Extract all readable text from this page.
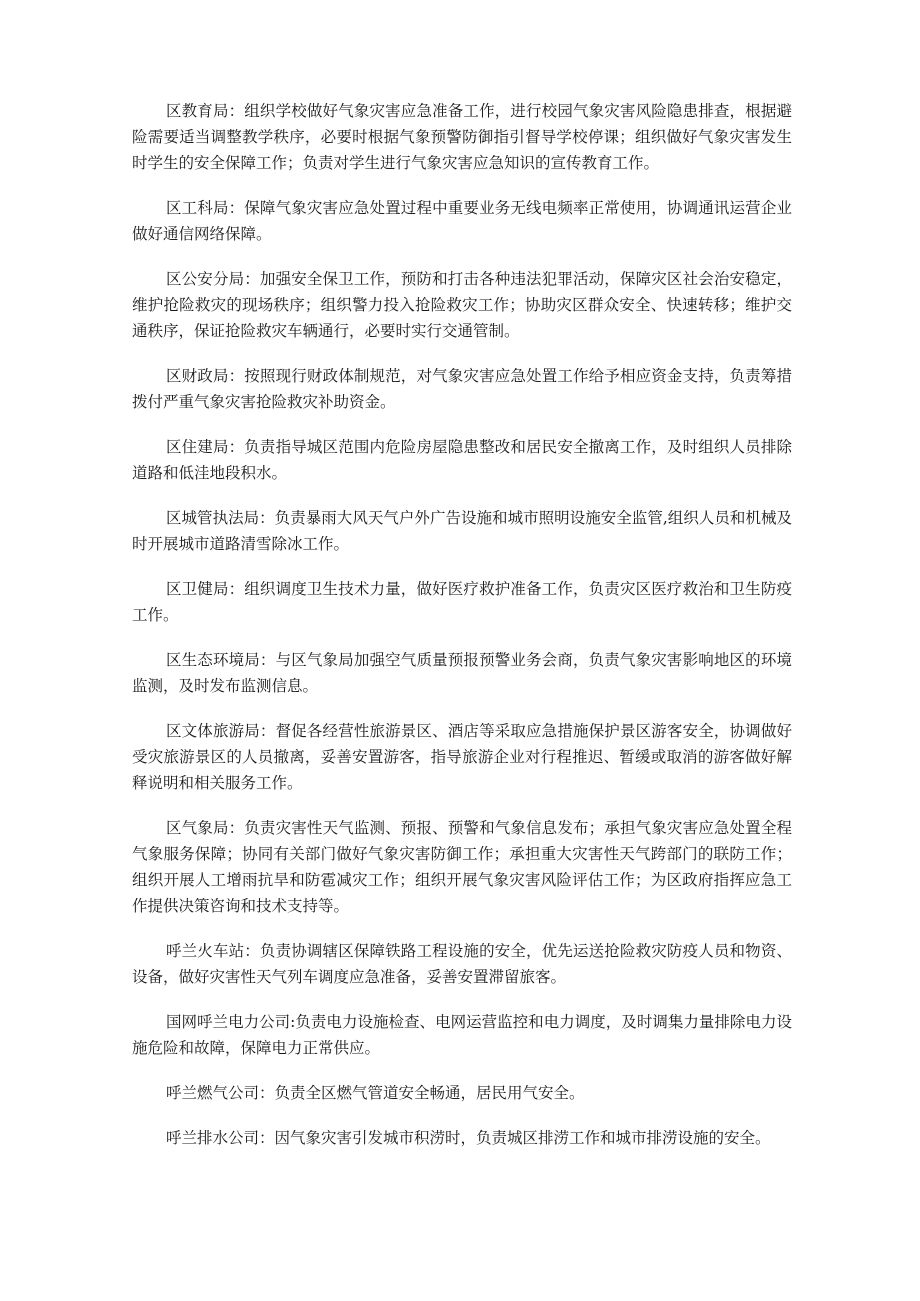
区教育局：组织学校做好气象灾害应急准备工作，进行校园气象灾害风险隐患排查，根据避险需要适当调整教学秩序，必要时根据气象预警防御指引督导学校停课；组织做好气象灾害发生时学生的安全保障工作；负责对学生进行气象灾害应急知识的宣传教育工作。

区工科局：保障气象灾害应急处置过程中重要业务无线电频率正常使用，协调通讯运营企业做好通信网络保障。

区公安分局：加强安全保卫工作，预防和打击各种违法犯罪活动，保障灾区社会治安稳定，维护抢险救灾的现场秩序；组织警力投入抢险救灾工作；协助灾区群众安全、快速转移；维护交通秩序，保证抢险救灾车辆通行，必要时实行交通管制。

区财政局：按照现行财政体制规范，对气象灾害应急处置工作给予相应资金支持，负责筹措拨付严重气象灾害抢险救灾补助资金。

区住建局：负责指导城区范围内危险房屋隐患整改和居民安全撤离工作，及时组织人员排除道路和低洼地段积水。

区城管执法局：负责暴雨大风天气户外广告设施和城市照明设施安全监管,组织人员和机械及时开展城市道路清雪除冰工作。

区卫健局：组织调度卫生技术力量，做好医疗救护准备工作，负责灾区医疗救治和卫生防疫工作。

区生态环境局：与区气象局加强空气质量预报预警业务会商，负责气象灾害影响地区的环境监测，及时发布监测信息。

区文体旅游局：督促各经营性旅游景区、酒店等采取应急措施保护景区游客安全，协调做好受灾旅游景区的人员撤离，妥善安置游客，指导旅游企业对行程推迟、暂缓或取消的游客做好解释说明和相关服务工作。

区气象局：负责灾害性天气监测、预报、预警和气象信息发布；承担气象灾害应急处置全程气象服务保障；协同有关部门做好气象灾害防御工作；承担重大灾害性天气跨部门的联防工作；组织开展人工增雨抗旱和防雹减灾工作；组织开展气象灾害风险评估工作；为区政府指挥应急工作提供决策咨询和技术支持等。

呼兰火车站：负责协调辖区保障铁路工程设施的安全，优先运送抢险救灾防疫人员和物资、设备，做好灾害性天气列车调度应急准备，妥善安置滞留旅客。

国网呼兰电力公司:负责电力设施检查、电网运营监控和电力调度，及时调集力量排除电力设施危险和故障，保障电力正常供应。

呼兰燃气公司：负责全区燃气管道安全畅通，居民用气安全。

呼兰排水公司：因气象灾害引发城市积涝时，负责城区排涝工作和城市排涝设施的安全。
